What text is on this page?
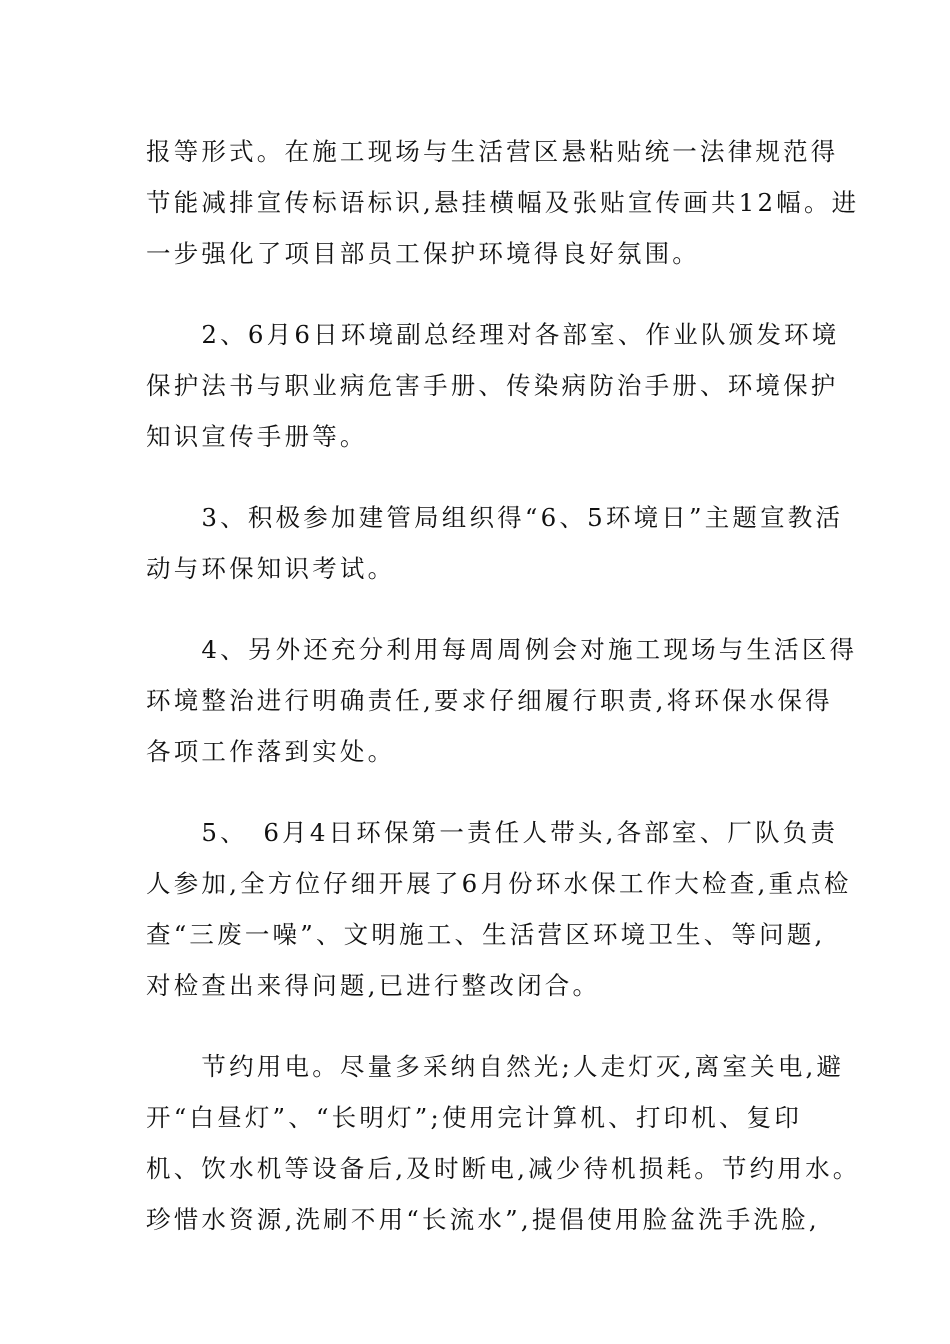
报等形式。在施工现场与生活营区悬粘贴统一法律规范得
节能减排宣传标语标识,悬挂横幅及张贴宣传画共12幅。进
一步强化了项目部员工保护环境得良好氛围。
　　2、6月6日环境副总经理对各部室、作业队颁发环境
保护法书与职业病危害手册、传染病防治手册、环境保护
知识宣传手册等。
　　3、积极参加建管局组织得“6、5环境日”主题宣教活
动与环保知识考试。
　　4、另外还充分利用每周周例会对施工现场与生活区得
环境整治进行明确责任,要求仔细履行职责,将环保水保得
各项工作落到实处。
　　5、　6月4日环保第一责任人带头,各部室、厂队负责
人参加,全方位仔细开展了6月份环水保工作大检查,重点检
查“三废一噪”、文明施工、生活营区环境卫生、等问题,
对检查出来得问题,已进行整改闭合。
　　节约用电。尽量多采纳自然光;人走灯灭,离室关电,避
开“白昼灯”、“长明灯”;使用完计算机、打印机、复印
机、饮水机等设备后,及时断电,减少待机损耗。节约用水。
珍惜水资源,洗刷不用“长流水”,提倡使用脸盆洗手洗脸,
